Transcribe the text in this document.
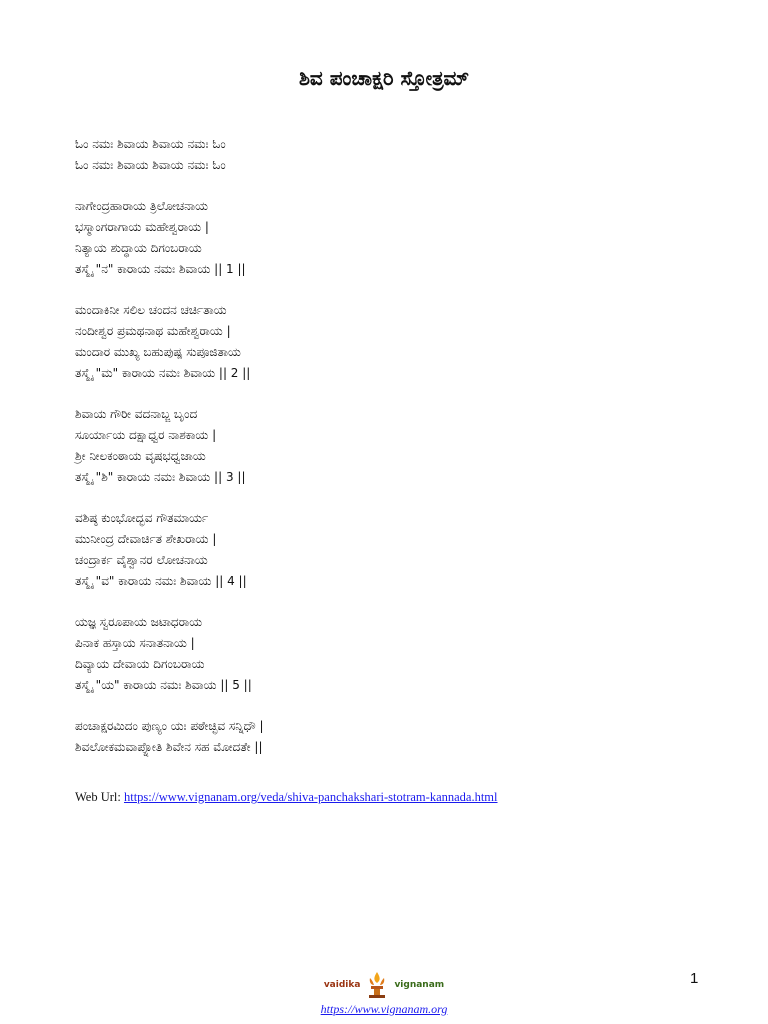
ಶಿವ ಪಂಚಾಕ್ಷರಿ ಸ್ತೋತ್ರಮ್
ಓಂ ನಮಃ ಶಿವಾಯ ಶಿವಾಯ ನಮಃ ಓಂ
ಓಂ ನಮಃ ಶಿವಾಯ ಶಿವಾಯ ನಮಃ ಓಂ
ನಾಗೇಂದ್ರಹಾರಾಯ ತ್ರಿಲೋಚನಾಯ
ಭಸ್ಮಾಂಗರಾಗಾಯ ಮಹೇಶ್ವರಾಯ |
ನಿತ್ಯಾಯ ಶುದ್ಧಾಯ ದಿಗಂಬರಾಯ
ತಸ್ಮೈ "ನ" ಕಾರಾಯ ನಮಃ ಶಿವಾಯ || 1 ||
ಮಂದಾಕಿನೀ ಸಲಿಲ ಚಂದನ ಚರ್ಚಿತಾಯ
ನಂದೀಶ್ವರ ಪ್ರಮಥನಾಥ ಮಹೇಶ್ವರಾಯ |
ಮಂದಾರ ಮುಖ್ಯ ಬಹುಪುಷ್ಪ ಸುಪೂಜಿತಾಯ
ತಸ್ಮೈ "ಮ" ಕಾರಾಯ ನಮಃ ಶಿವಾಯ || 2 ||
ಶಿವಾಯ ಗೌರೀ ವದನಾಬ್ಜ ಬೃಂದ
ಸೂರ್ಯಾಯ ದಕ್ಷಾಧ್ವರ ನಾಶಕಾಯ |
ಶ್ರೀ ನೀಲಕಂಠಾಯ ವೃಷಭಧ್ವಜಾಯ
ತಸ್ಮೈ "ಶಿ" ಕಾರಾಯ ನಮಃ ಶಿವಾಯ || 3 ||
ವಶಿಷ್ಠ ಕುಂಭೋದ್ಭವ ಗೌತಮಾರ್ಯ
ಮುನೀಂದ್ರ ದೇವಾರ್ಚಿತ ಶೇಖರಾಯ |
ಚಂದ್ರಾರ್ಕ ವೈಶ್ವಾನರ ಲೋಚನಾಯ
ತಸ್ಮೈ "ವ" ಕಾರಾಯ ನಮಃ ಶಿವಾಯ || 4 ||
ಯಜ್ಞ ಸ್ವರೂಪಾಯ ಜಟಾಧರಾಯ
ಪಿನಾಕ ಹಸ್ತಾಯ ಸನಾತನಾಯ |
ದಿವ್ಯಾಯ ದೇವಾಯ ದಿಗಂಬರಾಯ
ತಸ್ಮೈ "ಯ" ಕಾರಾಯ ನಮಃ ಶಿವಾಯ || 5 ||
ಪಂಚಾಕ್ಷರಮಿದಂ ಪುಣ್ಯಂ ಯಃ ಪಠೇಚ್ಛಿವ ಸನ್ನಿಧೌ |
ಶಿವಲೋಕಮವಾಪ್ನೋತಿ ಶಿವೇನ ಸಹ ಮೋದತೇ ||
Web Url: https://www.vignanam.org/veda/shiva-panchakshari-stotram-kannada.html
vaidika	vignanam
https://www.vignanam.org
1
